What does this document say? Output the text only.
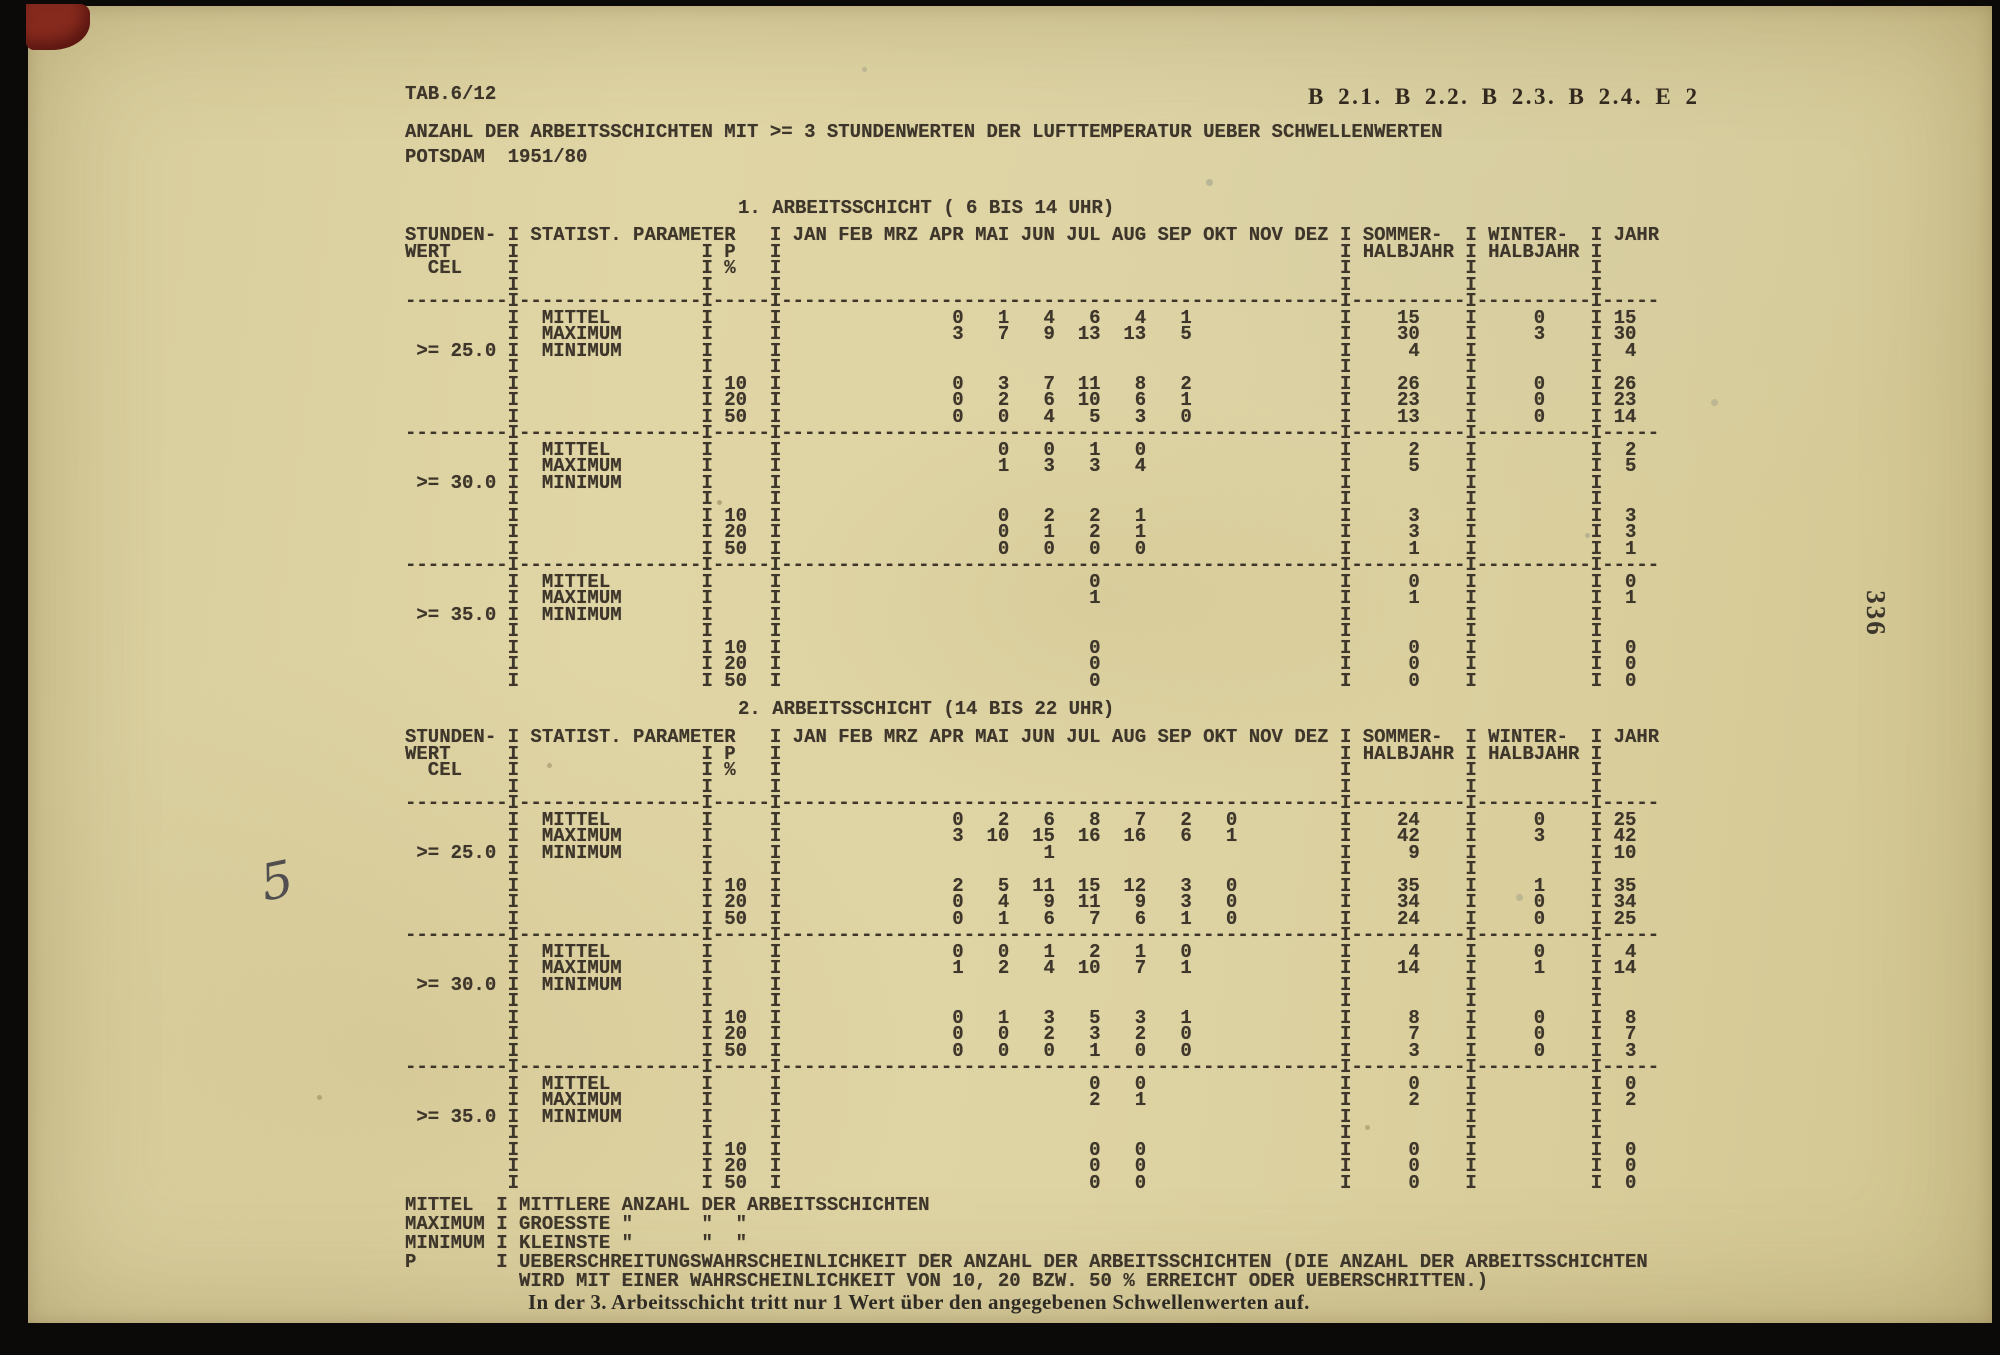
TAB.6/12	B 2.1. B 2.2. B 2.3. B 2.4. E 2
ANZAHL DER ARBEITSSCHICHTEN MIT >= 3 STUNDENWERTEN DER LUFTTEMPERATUR UEBER SCHWELLENWERTEN
POTSDAM  1951/80
1. ARBEITSSCHICHT ( 6 BIS 14 UHR)
STUNDEN- I STATIST. PARAMETER   I JAN FEB MRZ APR MAI JUN JUL AUG SEP OKT NOV DEZ I SOMMER-  I WINTER-  I JAHR
WERT     I                I P   I                                                 I HALBJAHR I HALBJAHR I
CEL    I                I %   I                                                 I          I          I
I                I     I                                                 I          I          I
---------I----------------I-----I-------------------------------------------------I----------I----------I-----
I  MITTEL        I     I               0   1   4   6   4   1             I    15    I     0    I 15
I  MAXIMUM       I     I               3   7   9  13  13   5             I    30    I     3    I 30
>= 25.0 I  MINIMUM       I     I                                                 I     4    I          I  4
I                I     I                                                 I          I          I
I                I 10  I               0   3   7  11   8   2             I    26    I     0    I 26
I                I 20  I               0   2   6  10   6   1             I    23    I     0    I 23
I                I 50  I               0   0   4   5   3   0             I    13    I     0    I 14
---------I----------------I-----I-------------------------------------------------I----------I----------I-----
I  MITTEL        I     I                   0   0   1   0                 I     2    I          I  2
I  MAXIMUM       I     I                   1   3   3   4                 I     5    I          I  5
>= 30.0 I  MINIMUM       I     I                                                 I          I          I
I                I     I                                                 I          I          I
I                I 10  I                   0   2   2   1                 I     3    I          I  3
I                I 20  I                   0   1   2   1                 I     3    I          I  3
I                I 50  I                   0   0   0   0                 I     1    I          I  1
---------I----------------I-----I-------------------------------------------------I----------I----------I-----
I  MITTEL        I     I                           0                     I     0    I          I  0
I  MAXIMUM       I     I                           1                     I     1    I          I  1
>= 35.0 I  MINIMUM       I     I                                                 I          I          I
I                I     I                                                 I          I          I
I                I 10  I                           0                     I     0    I          I  0
I                I 20  I                           0                     I     0    I          I  0
I                I 50  I                           0                     I     0    I          I  0
2. ARBEITSSCHICHT (14 BIS 22 UHR)
STUNDEN- I STATIST. PARAMETER   I JAN FEB MRZ APR MAI JUN JUL AUG SEP OKT NOV DEZ I SOMMER-  I WINTER-  I JAHR
WERT     I                I P   I                                                 I HALBJAHR I HALBJAHR I
CEL    I                I %   I                                                 I          I          I
I                I     I                                                 I          I          I
---------I----------------I-----I-------------------------------------------------I----------I----------I-----
I  MITTEL        I     I               0   2   6   8   7   2   0         I    24    I     0    I 25
I  MAXIMUM       I     I               3  10  15  16  16   6   1         I    42    I     3    I 42
>= 25.0 I  MINIMUM       I     I                       1                         I     9    I          I 10
I                I     I                                                 I          I          I
I                I 10  I               2   5  11  15  12   3   0         I    35    I     1    I 35
I                I 20  I               0   4   9  11   9   3   0         I    34    I     0    I 34
I                I 50  I               0   1   6   7   6   1   0         I    24    I     0    I 25
---------I----------------I-----I-------------------------------------------------I----------I----------I-----
I  MITTEL        I     I               0   0   1   2   1   0             I     4    I     0    I  4
I  MAXIMUM       I     I               1   2   4  10   7   1             I    14    I     1    I 14
>= 30.0 I  MINIMUM       I     I                                                 I          I          I
I                I     I                                                 I          I          I
I                I 10  I               0   1   3   5   3   1             I     8    I     0    I  8
I                I 20  I               0   0   2   3   2   0             I     7    I     0    I  7
I                I 50  I               0   0   0   1   0   0             I     3    I     0    I  3
---------I----------------I-----I-------------------------------------------------I----------I----------I-----
I  MITTEL        I     I                           0   0                 I     0    I          I  0
I  MAXIMUM       I     I                           2   1                 I     2    I          I  2
>= 35.0 I  MINIMUM       I     I                                                 I          I          I
I                I     I                                                 I          I          I
I                I 10  I                           0   0                 I     0    I          I  0
I                I 20  I                           0   0                 I     0    I          I  0
I                I 50  I                           0   0                 I     0    I          I  0
MITTEL  I MITTLERE ANZAHL DER ARBEITSSCHICHTEN
MAXIMUM I GROESSTE "      "  "
MINIMUM I KLEINSTE "      "  "
P       I UEBERSCHREITUNGSWAHRSCHEINLICHKEIT DER ANZAHL DER ARBEITSSCHICHTEN (DIE ANZAHL DER ARBEITSSCHICHTEN
WIRD MIT EINER WAHRSCHEINLICHKEIT VON 10, 20 BZW. 50 % ERREICHT ODER UEBERSCHRITTEN.)
In der 3. Arbeitsschicht tritt nur 1 Wert über den angegebenen Schwellenwerten auf.
336
5
